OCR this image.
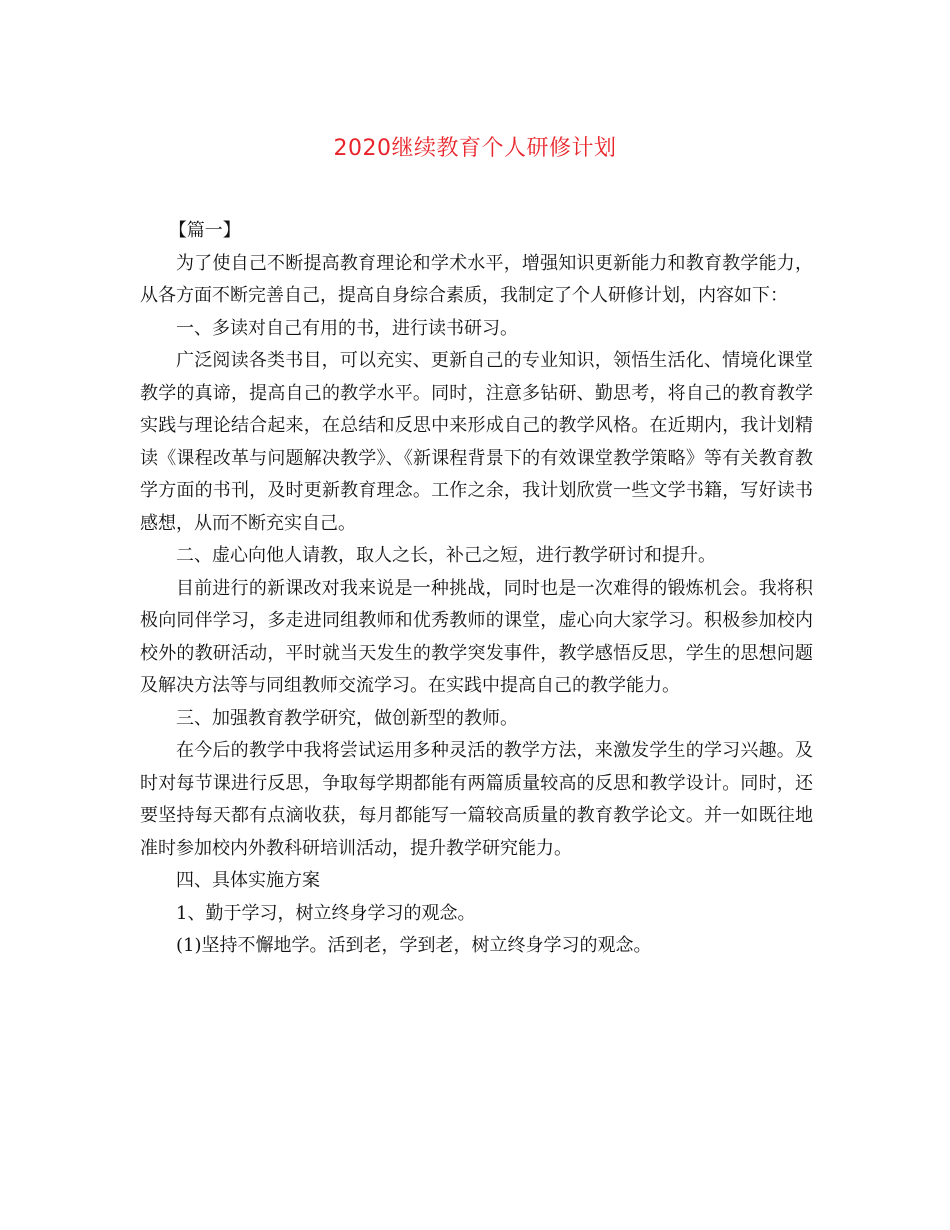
2020继续教育个人研修计划

【篇一】

为了使自己不断提高教育理论和学术水平，增强知识更新能力和教育教学能力，从各方面不断完善自己，提高自身综合素质，我制定了个人研修计划，内容如下：

一、多读对自己有用的书，进行读书研习。

广泛阅读各类书目，可以充实、更新自己的专业知识，领悟生活化、情境化课堂教学的真谛，提高自己的教学水平。同时，注意多钻研、勤思考，将自己的教育教学实践与理论结合起来，在总结和反思中来形成自己的教学风格。在近期内，我计划精读《课程改革与问题解决教学》、《新课程背景下的有效课堂教学策略》等有关教育教学方面的书刊，及时更新教育理念。工作之余，我计划欣赏一些文学书籍，写好读书感想，从而不断充实自己。

二、虚心向他人请教，取人之长，补己之短，进行教学研讨和提升。

目前进行的新课改对我来说是一种挑战，同时也是一次难得的锻炼机会。我将积极向同伴学习，多走进同组教师和优秀教师的课堂，虚心向大家学习。积极参加校内校外的教研活动，平时就当天发生的教学突发事件，教学感悟反思，学生的思想问题及解决方法等与同组教师交流学习。在实践中提高自己的教学能力。

三、加强教育教学研究，做创新型的教师。

在今后的教学中我将尝试运用多种灵活的教学方法，来激发学生的学习兴趣。及时对每节课进行反思，争取每学期都能有两篇质量较高的反思和教学设计。同时，还要坚持每天都有点滴收获，每月都能写一篇较高质量的教育教学论文。并一如既往地准时参加校内外教科研培训活动，提升教学研究能力。

四、具体实施方案

1、勤于学习，树立终身学习的观念。

(1)坚持不懈地学。活到老，学到老，树立终身学习的观念。
